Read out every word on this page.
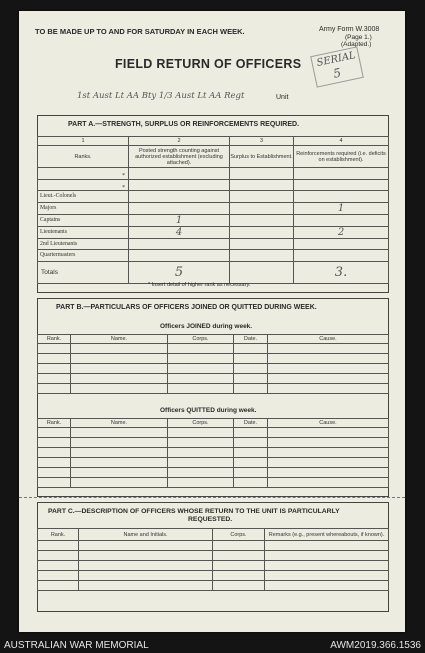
TO BE MADE UP TO AND FOR SATURDAY IN EACH WEEK.	Army Form W.3008
(Page 1.)
(Adapted.)
SERIAL
5
FIELD RETURN OF OFFICERS
1st Aust Lt AA Bty 1/3 Aust Lt AA Regt	Unit
PART A.—STRENGTH, SURPLUS OR REINFORCEMENTS REQUIRED.
1	2	3	4
Ranks.	Posted strength counting against authorized establishment (excluding attached).	Surplus to Establishment.	Reinforcements required (i.e. deficits on establishment).

*			

*			

Lieut.-Colonels

Majors			1
Captains	1		
Lieutenants	4		2
2nd Lieutenants

Quartermasters

Totals	5		3.
* Insert detail of higher rank as necessary.
PART B.—PARTICULARS OF OFFICERS JOINED OR QUITTED DURING WEEK.
Officers JOINED during week.
Rank.	Name.	Corps.	Date.	Cause.

Officers QUITTED during week.
Rank.	Name.	Corps.	Date.	Cause.

PART C.—DESCRIPTION OF OFFICERS WHOSE RETURN TO THE UNIT IS PARTICULARLY
REQUESTED.
Rank.	Name and Initials.	Corps.	Remarks (e.g., present whereabouts, if known).

AUSTRALIAN WAR MEMORIAL	AWM2019.366.1536
